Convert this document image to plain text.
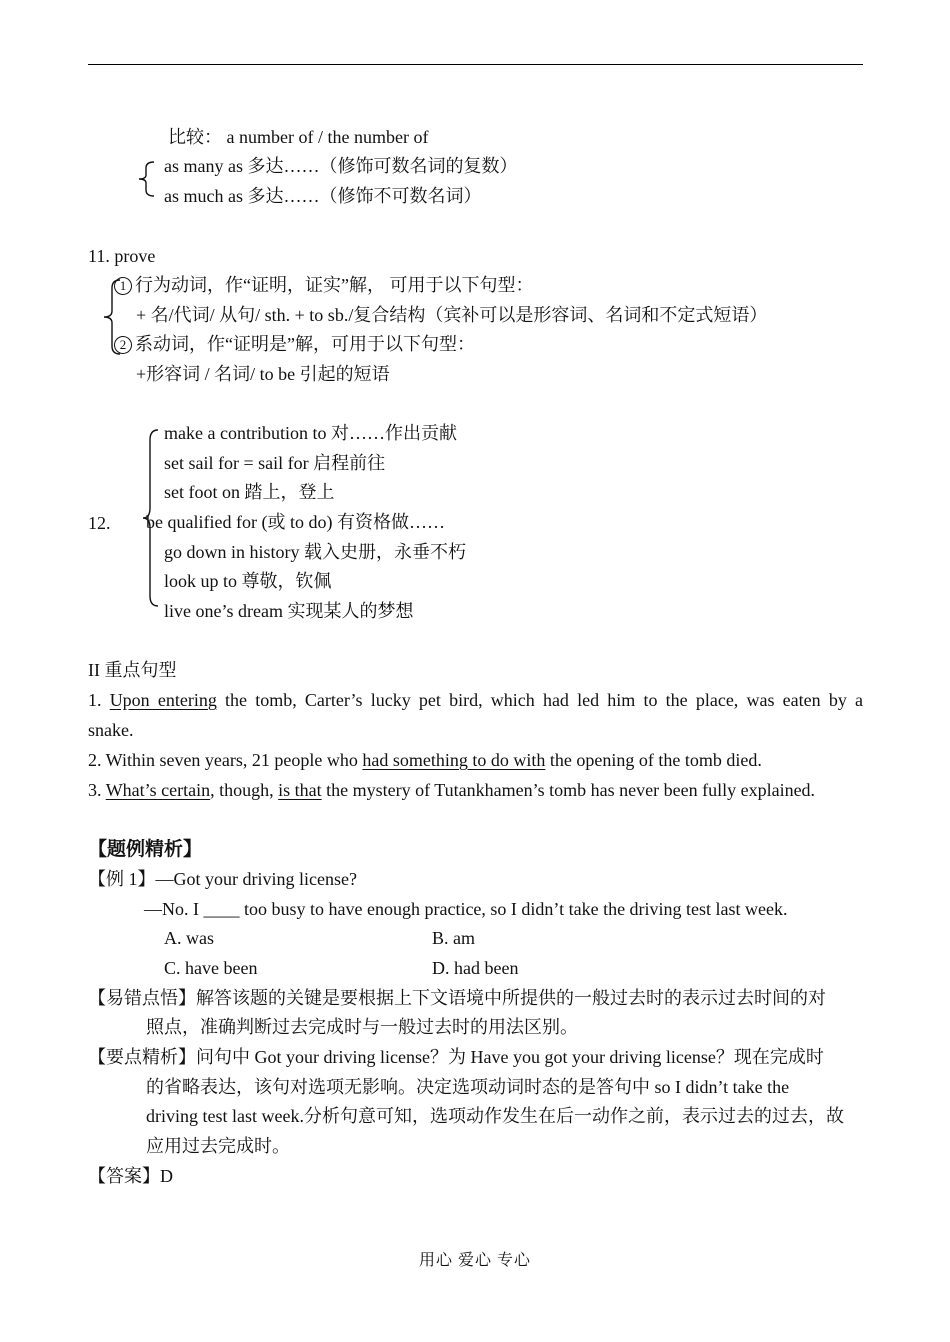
比较： a number of / the number of
as many as 多达……（修饰可数名词的复数）
as much as 多达……（修饰不可数名词）
11. prove
1 行为动词，作“证明，证实”解， 可用于以下句型：
+ 名/代词/ 从句/ sth. + to sb./复合结构（宾补可以是形容词、名词和不定式短语）
2 系动词，作“证明是”解，可用于以下句型：
+形容词 / 名词/ to be 引起的短语
12.
make a contribution to 对……作出贡献
set sail for = sail for 启程前往
set foot on 踏上，登上
be qualified for (或 to do) 有资格做……
go down in history 载入史册，永垂不朽
look up to 尊敬，钦佩
live one’s dream 实现某人的梦想
II 重点句型
1. Upon entering the tomb, Carter’s lucky pet bird, which had led him to the place, was eaten by a
snake.
2. Within seven years, 21 people who had something to do with the opening of the tomb died.
3. What’s certain, though, is that the mystery of Tutankhamen’s tomb has never been fully explained.
【题例精析】
【例 1】—Got your driving license?
—No. I ____ too busy to have enough practice, so I didn’t take the driving test last week.
A. was	B. am
C. have been	D. had been
【易错点悟】解答该题的关键是要根据上下文语境中所提供的一般过去时的表示过去时间的对
照点，准确判断过去完成时与一般过去时的用法区别。
【要点精析】问句中 Got your driving license？为 Have you got your driving license？现在完成时
的省略表达，该句对选项无影响。决定选项动词时态的是答句中 so I didn’t take the
driving test last week.分析句意可知，选项动作发生在后一动作之前，表示过去的过去，故
应用过去完成时。
【答案】D
用心 爱心 专心
